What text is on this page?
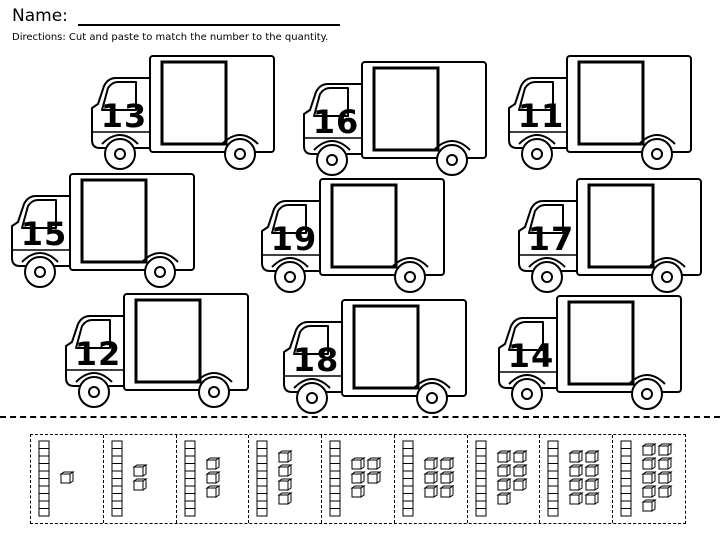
Name:
Directions: Cut and paste to match the number to the quantity.
13	16	11
15	19	17
12	18	14
